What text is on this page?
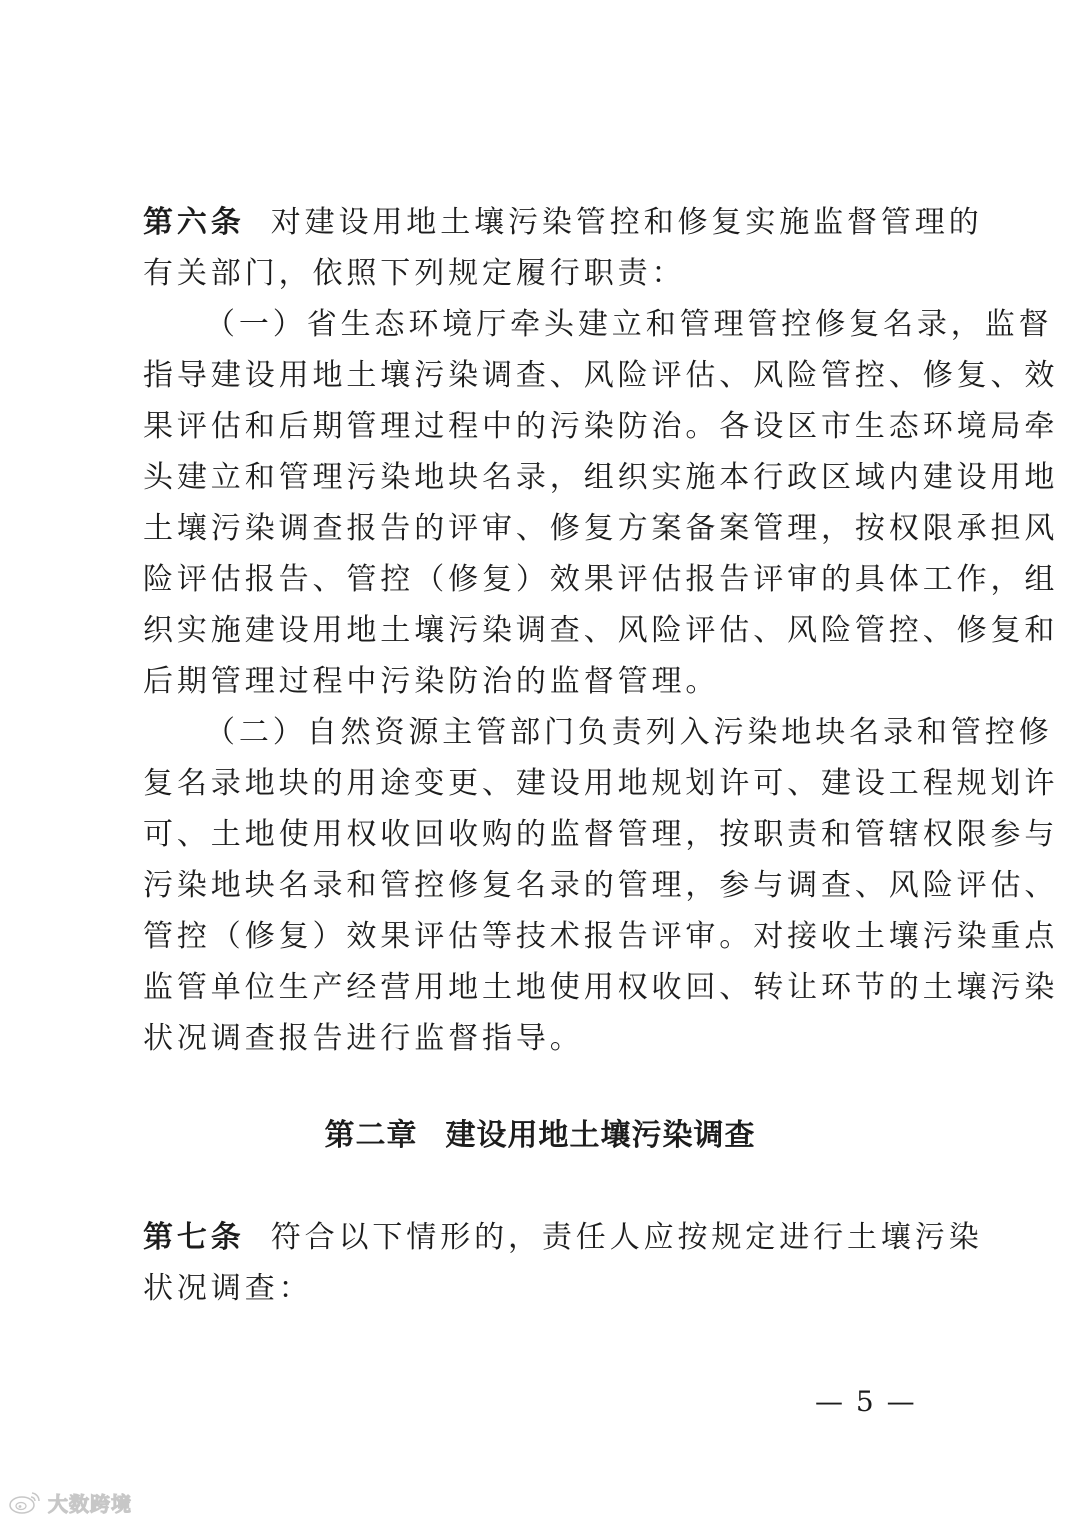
第六条 对建设用地土壤污染管控和修复实施监督管理的
有关部门，依照下列规定履行职责：
（一）省生态环境厅牵头建立和管理管控修复名录，监督
指导建设用地土壤污染调查、风险评估、风险管控、修复、效
果评估和后期管理过程中的污染防治。各设区市生态环境局牵
头建立和管理污染地块名录，组织实施本行政区域内建设用地
土壤污染调查报告的评审、修复方案备案管理，按权限承担风
险评估报告、管控（修复）效果评估报告评审的具体工作，组
织实施建设用地土壤污染调查、风险评估、风险管控、修复和
后期管理过程中污染防治的监督管理。
（二）自然资源主管部门负责列入污染地块名录和管控修
复名录地块的用途变更、建设用地规划许可、建设工程规划许
可、土地使用权收回收购的监督管理，按职责和管辖权限参与
污染地块名录和管控修复名录的管理，参与调查、风险评估、
管控（修复）效果评估等技术报告评审。对接收土壤污染重点
监管单位生产经营用地土地使用权收回、转让环节的土壤污染
状况调查报告进行监督指导。
第二章 建设用地土壤污染调查
第七条 符合以下情形的，责任人应按规定进行土壤污染
状况调查：
— 5 —
大数跨境
